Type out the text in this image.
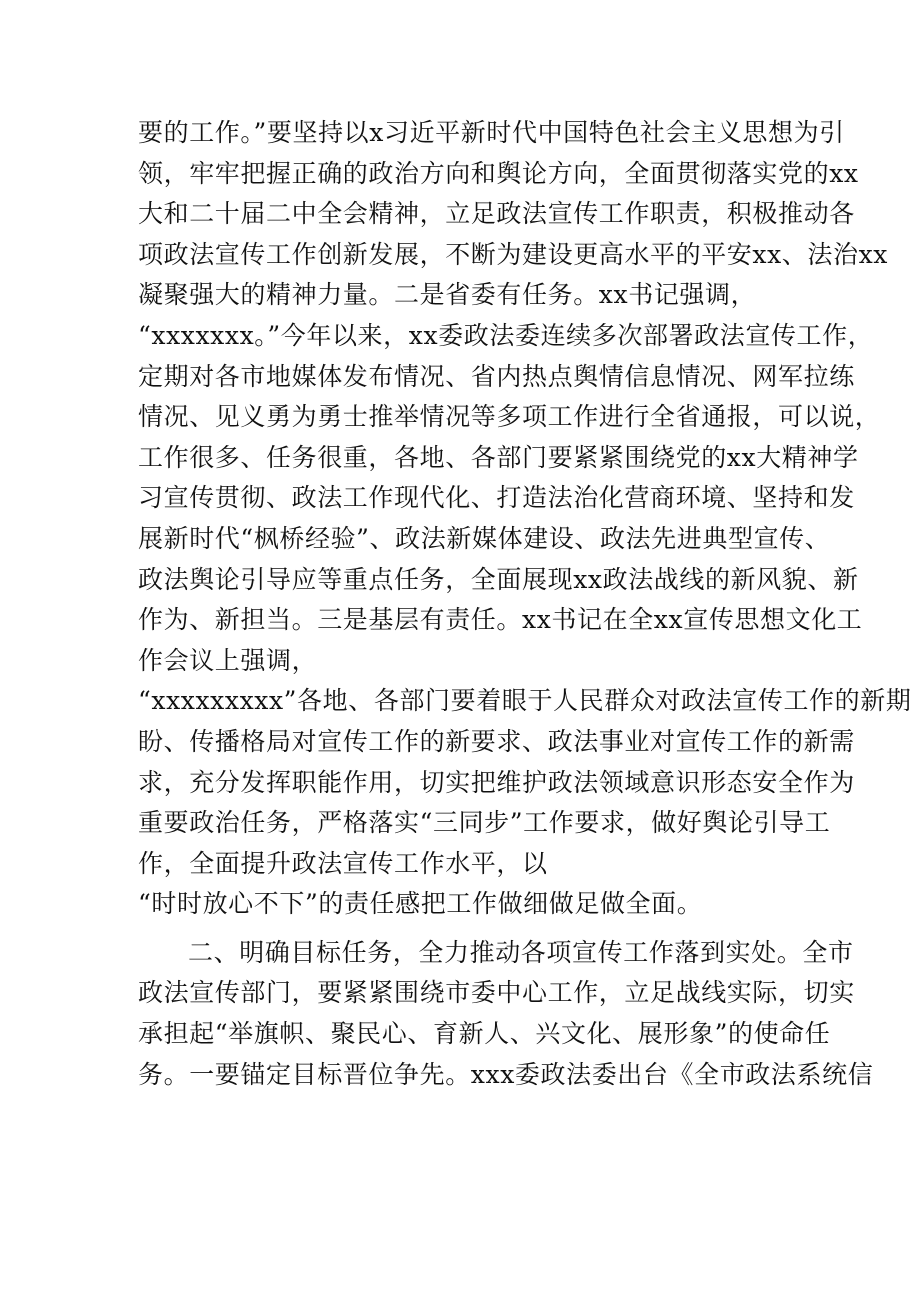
要的工作。”要坚持以x习近平新时代中国特色社会主义思想为引
领，牢牢把握正确的政治方向和舆论方向，全面贯彻落实党的xx
大和二十届二中全会精神，立足政法宣传工作职责，积极推动各
项政法宣传工作创新发展，不断为建设更高水平的平安xx、法治xx
凝聚强大的精神力量。二是省委有任务。xx书记强调，
“xxxxxxx。”今年以来，xx委政法委连续多次部署政法宣传工作，
定期对各市地媒体发布情况、省内热点舆情信息情况、网军拉练
情况、见义勇为勇士推举情况等多项工作进行全省通报，可以说，
工作很多、任务很重，各地、各部门要紧紧围绕党的xx大精神学
习宣传贯彻、政法工作现代化、打造法治化营商环境、坚持和发
展新时代“枫桥经验”、政法新媒体建设、政法先进典型宣传、
政法舆论引导应等重点任务，全面展现xx政法战线的新风貌、新
作为、新担当。三是基层有责任。xx书记在全xx宣传思想文化工
作会议上强调，
“xxxxxxxxx”各地、各部门要着眼于人民群众对政法宣传工作的新期
盼、传播格局对宣传工作的新要求、政法事业对宣传工作的新需
求，充分发挥职能作用，切实把维护政法领域意识形态安全作为
重要政治任务，严格落实“三同步”工作要求，做好舆论引导工
作，全面提升政法宣传工作水平，以
“时时放心不下”的责任感把工作做细做足做全面。
二、明确目标任务，全力推动各项宣传工作落到实处。全市
政法宣传部门，要紧紧围绕市委中心工作，立足战线实际，切实
承担起“举旗帜、聚民心、育新人、兴文化、展形象”的使命任
务。一要锚定目标晋位争先。xxx委政法委出台《全市政法系统信
